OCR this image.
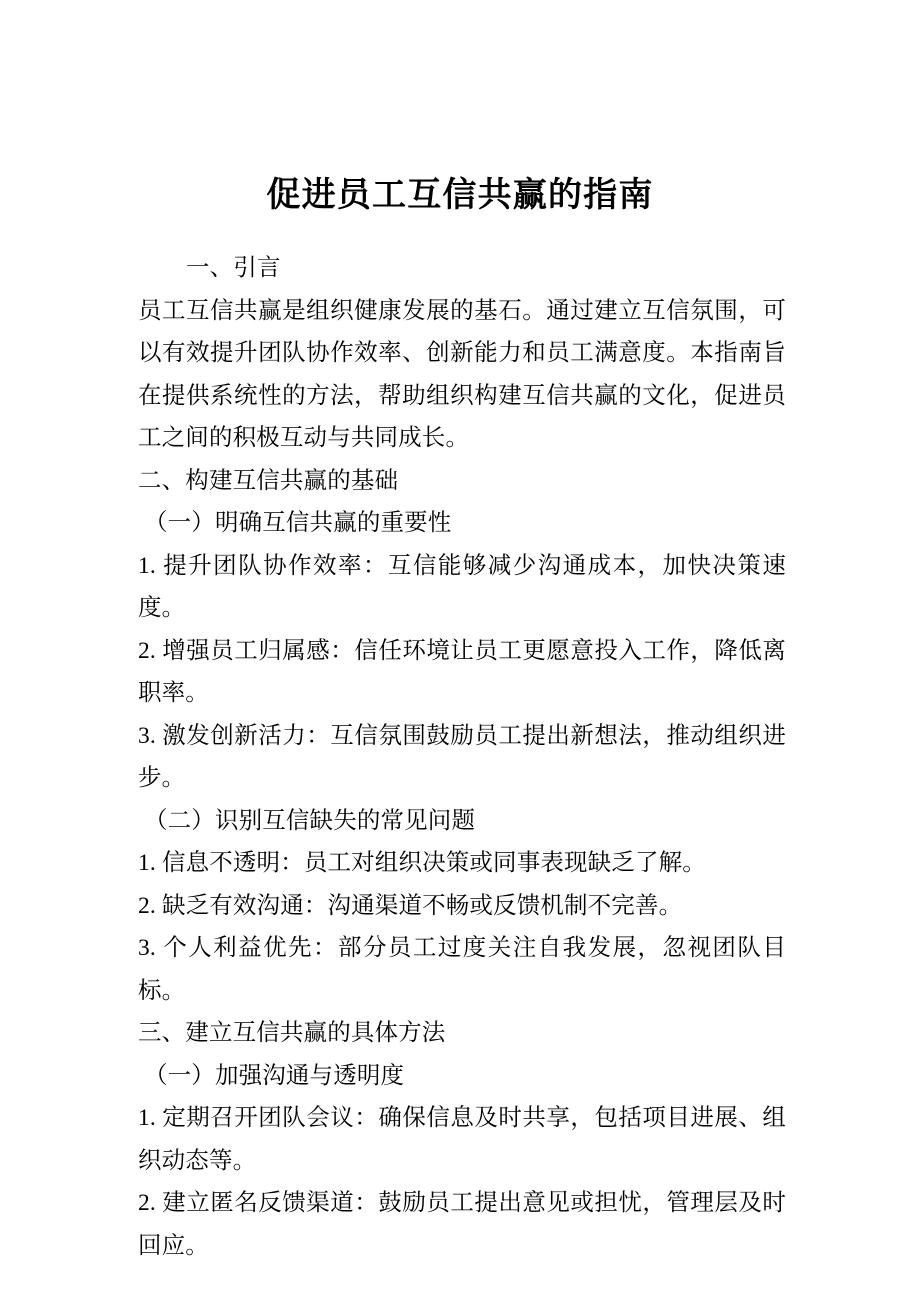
促进员工互信共赢的指南

一、引言

员工互信共赢是组织健康发展的基石。通过建立互信氛围，可以有效提升团队协作效率、创新能力和员工满意度。本指南旨在提供系统性的方法，帮助组织构建互信共赢的文化，促进员工之间的积极互动与共同成长。

二、构建互信共赢的基础

（一）明确互信共赢的重要性

1. 提升团队协作效率：互信能够减少沟通成本，加快决策速度。

2. 增强员工归属感：信任环境让员工更愿意投入工作，降低离职率。

3. 激发创新活力：互信氛围鼓励员工提出新想法，推动组织进步。

（二）识别互信缺失的常见问题

1. 信息不透明：员工对组织决策或同事表现缺乏了解。

2. 缺乏有效沟通：沟通渠道不畅或反馈机制不完善。

3. 个人利益优先：部分员工过度关注自我发展，忽视团队目标。

三、建立互信共赢的具体方法

（一）加强沟通与透明度

1. 定期召开团队会议：确保信息及时共享，包括项目进展、组织动态等。

2. 建立匿名反馈渠道：鼓励员工提出意见或担忧，管理层及时回应。
